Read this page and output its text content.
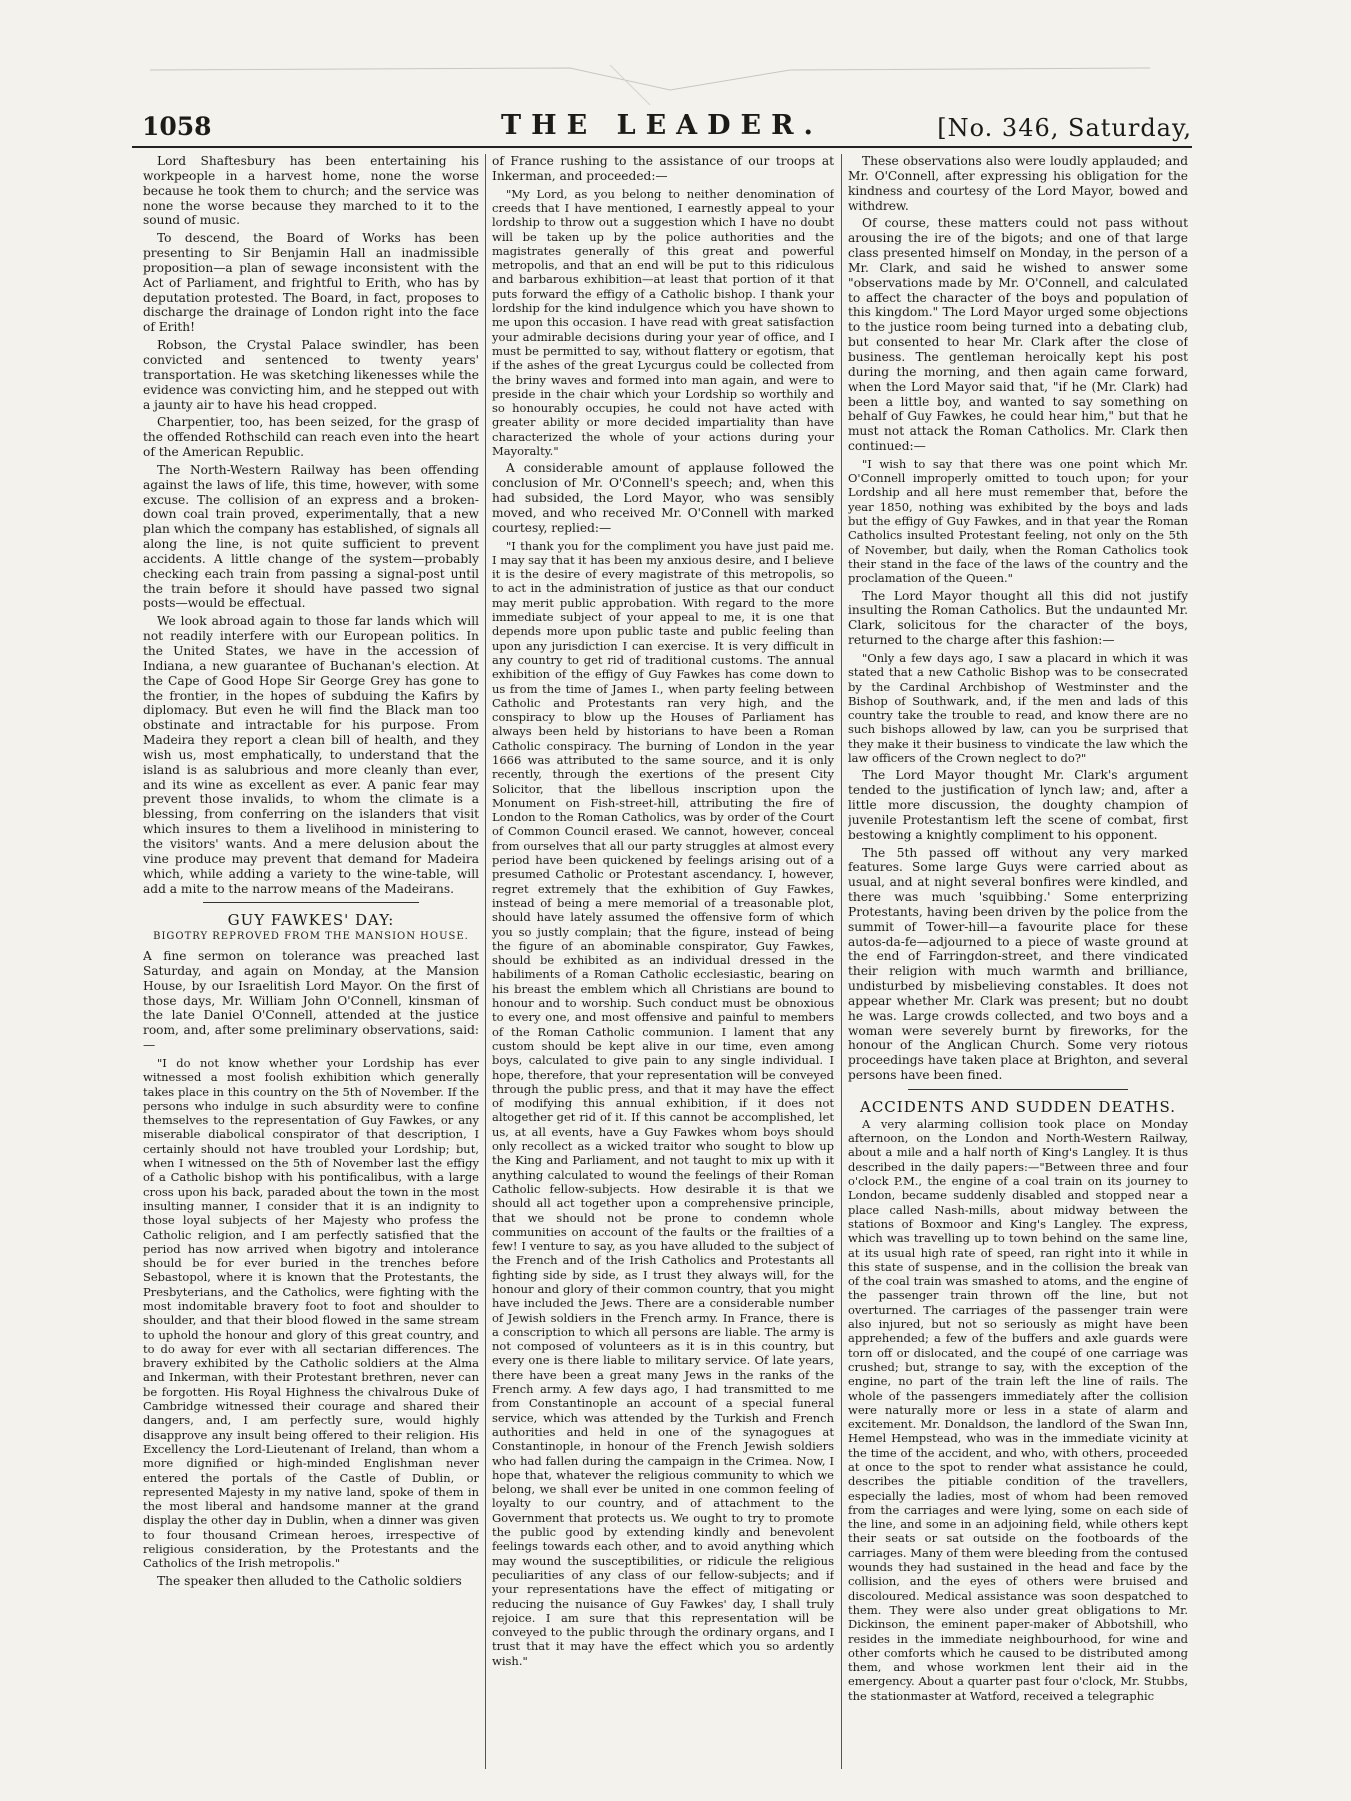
1058	THE LEADER.	[No. 346, Saturday,

Lord Shaftesbury has been entertaining his workpeople in a harvest home, none the worse because he took them to church; and the service was none the worse because they marched to it to the sound of music.

To descend, the Board of Works has been presenting to Sir Benjamin Hall an inadmissible proposition—a plan of sewage inconsistent with the Act of Parliament, and frightful to Erith, who has by deputation protested. The Board, in fact, proposes to discharge the drainage of London right into the face of Erith!

Robson, the Crystal Palace swindler, has been convicted and sentenced to twenty years' transportation. He was sketching likenesses while the evidence was convicting him, and he stepped out with a jaunty air to have his head cropped.

Charpentier, too, has been seized, for the grasp of the offended Rothschild can reach even into the heart of the American Republic.

The North-Western Railway has been offending against the laws of life, this time, however, with some excuse. The collision of an express and a broken-down coal train proved, experimentally, that a new plan which the company has established, of signals all along the line, is not quite sufficient to prevent accidents. A little change of the system—probably checking each train from passing a signal-post until the train before it should have passed two signal posts—would be effectual.

We look abroad again to those far lands which will not readily interfere with our European politics. In the United States, we have in the accession of Indiana, a new guarantee of Buchanan's election. At the Cape of Good Hope Sir George Grey has gone to the frontier, in the hopes of subduing the Kafirs by diplomacy. But even he will find the Black man too obstinate and intractable for his purpose. From Madeira they report a clean bill of health, and they wish us, most emphatically, to understand that the island is as salubrious and more cleanly than ever, and its wine as excellent as ever. A panic fear may prevent those invalids, to whom the climate is a blessing, from conferring on the islanders that visit which insures to them a livelihood in ministering to the visitors' wants. And a mere delusion about the vine produce may prevent that demand for Madeira which, while adding a variety to the wine-table, will add a mite to the narrow means of the Madeirans.

GUY FAWKES' DAY:
BIGOTRY REPROVED FROM THE MANSION HOUSE.

A fine sermon on tolerance was preached last Saturday, and again on Monday, at the Mansion House, by our Israelitish Lord Mayor. On the first of those days, Mr. William John O'Connell, kinsman of the late Daniel O'Connell, attended at the justice room, and, after some preliminary observations, said:—

"I do not know whether your Lordship has ever witnessed a most foolish exhibition which generally takes place in this country on the 5th of November. If the persons who indulge in such absurdity were to confine themselves to the representation of Guy Fawkes, or any miserable diabolical conspirator of that description, I certainly should not have troubled your Lordship; but, when I witnessed on the 5th of November last the effigy of a Catholic bishop with his pontificalibus, with a large cross upon his back, paraded about the town in the most insulting manner, I consider that it is an indignity to those loyal subjects of her Majesty who profess the Catholic religion, and I am perfectly satisfied that the period has now arrived when bigotry and intolerance should be for ever buried in the trenches before Sebastopol, where it is known that the Protestants, the Presbyterians, and the Catholics, were fighting with the most indomitable bravery foot to foot and shoulder to shoulder, and that their blood flowed in the same stream to uphold the honour and glory of this great country, and to do away for ever with all sectarian differences. The bravery exhibited by the Catholic soldiers at the Alma and Inkerman, with their Protestant brethren, never can be forgotten. His Royal Highness the chivalrous Duke of Cambridge witnessed their courage and shared their dangers, and, I am perfectly sure, would highly disapprove any insult being offered to their religion. His Excellency the Lord-Lieutenant of Ireland, than whom a more dignified or high-minded Englishman never entered the portals of the Castle of Dublin, or represented Majesty in my native land, spoke of them in the most liberal and handsome manner at the grand display the other day in Dublin, when a dinner was given to four thousand Crimean heroes, irrespective of religious consideration, by the Protestants and the Catholics of the Irish metropolis."

The speaker then alluded to the Catholic soldiers

of France rushing to the assistance of our troops at Inkerman, and proceeded:—

"My Lord, as you belong to neither denomination of creeds that I have mentioned, I earnestly appeal to your lordship to throw out a suggestion which I have no doubt will be taken up by the police authorities and the magistrates generally of this great and powerful metropolis, and that an end will be put to this ridiculous and barbarous exhibition—at least that portion of it that puts forward the effigy of a Catholic bishop. I thank your lordship for the kind indulgence which you have shown to me upon this occasion. I have read with great satisfaction your admirable decisions during your year of office, and I must be permitted to say, without flattery or egotism, that if the ashes of the great Lycurgus could be collected from the briny waves and formed into man again, and were to preside in the chair which your Lordship so worthily and so honourably occupies, he could not have acted with greater ability or more decided impartiality than have characterized the whole of your actions during your Mayoralty."

A considerable amount of applause followed the conclusion of Mr. O'Connell's speech; and, when this had subsided, the Lord Mayor, who was sensibly moved, and who received Mr. O'Connell with marked courtesy, replied:—

"I thank you for the compliment you have just paid me. I may say that it has been my anxious desire, and I believe it is the desire of every magistrate of this metropolis, so to act in the administration of justice as that our conduct may merit public approbation. With regard to the more immediate subject of your appeal to me, it is one that depends more upon public taste and public feeling than upon any jurisdiction I can exercise. It is very difficult in any country to get rid of traditional customs. The annual exhibition of the effigy of Guy Fawkes has come down to us from the time of James I., when party feeling between Catholic and Protestants ran very high, and the conspiracy to blow up the Houses of Parliament has always been held by historians to have been a Roman Catholic conspiracy. The burning of London in the year 1666 was attributed to the same source, and it is only recently, through the exertions of the present City Solicitor, that the libellous inscription upon the Monument on Fish-street-hill, attributing the fire of London to the Roman Catholics, was by order of the Court of Common Council erased. We cannot, however, conceal from ourselves that all our party struggles at almost every period have been quickened by feelings arising out of a presumed Catholic or Protestant ascendancy. I, however, regret extremely that the exhibition of Guy Fawkes, instead of being a mere memorial of a treasonable plot, should have lately assumed the offensive form of which you so justly complain; that the figure, instead of being the figure of an abominable conspirator, Guy Fawkes, should be exhibited as an individual dressed in the habiliments of a Roman Catholic ecclesiastic, bearing on his breast the emblem which all Christians are bound to honour and to worship. Such conduct must be obnoxious to every one, and most offensive and painful to members of the Roman Catholic communion. I lament that any custom should be kept alive in our time, even among boys, calculated to give pain to any single individual. I hope, therefore, that your representation will be conveyed through the public press, and that it may have the effect of modifying this annual exhibition, if it does not altogether get rid of it. If this cannot be accomplished, let us, at all events, have a Guy Fawkes whom boys should only recollect as a wicked traitor who sought to blow up the King and Parliament, and not taught to mix up with it anything calculated to wound the feelings of their Roman Catholic fellow-subjects. How desirable it is that we should all act together upon a comprehensive principle, that we should not be prone to condemn whole communities on account of the faults or the frailties of a few! I venture to say, as you have alluded to the subject of the French and of the Irish Catholics and Protestants all fighting side by side, as I trust they always will, for the honour and glory of their common country, that you might have included the Jews. There are a considerable number of Jewish soldiers in the French army. In France, there is a conscription to which all persons are liable. The army is not composed of volunteers as it is in this country, but every one is there liable to military service. Of late years, there have been a great many Jews in the ranks of the French army. A few days ago, I had transmitted to me from Constantinople an account of a special funeral service, which was attended by the Turkish and French authorities and held in one of the synagogues at Constantinople, in honour of the French Jewish soldiers who had fallen during the campaign in the Crimea. Now, I hope that, whatever the religious community to which we belong, we shall ever be united in one common feeling of loyalty to our country, and of attachment to the Government that protects us. We ought to try to promote the public good by extending kindly and benevolent feelings towards each other, and to avoid anything which may wound the susceptibilities, or ridicule the religious peculiarities of any class of our fellow-subjects; and if your representations have the effect of mitigating or reducing the nuisance of Guy Fawkes' day, I shall truly rejoice. I am sure that this representation will be conveyed to the public through the ordinary organs, and I trust that it may have the effect which you so ardently wish."

These observations also were loudly applauded; and Mr. O'Connell, after expressing his obligation for the kindness and courtesy of the Lord Mayor, bowed and withdrew.

Of course, these matters could not pass without arousing the ire of the bigots; and one of that large class presented himself on Monday, in the person of a Mr. Clark, and said he wished to answer some "observations made by Mr. O'Connell, and calculated to affect the character of the boys and population of this kingdom." The Lord Mayor urged some objections to the justice room being turned into a debating club, but consented to hear Mr. Clark after the close of business. The gentleman heroically kept his post during the morning, and then again came forward, when the Lord Mayor said that, "if he (Mr. Clark) had been a little boy, and wanted to say something on behalf of Guy Fawkes, he could hear him," but that he must not attack the Roman Catholics. Mr. Clark then continued:—

"I wish to say that there was one point which Mr. O'Connell improperly omitted to touch upon; for your Lordship and all here must remember that, before the year 1850, nothing was exhibited by the boys and lads but the effigy of Guy Fawkes, and in that year the Roman Catholics insulted Protestant feeling, not only on the 5th of November, but daily, when the Roman Catholics took their stand in the face of the laws of the country and the proclamation of the Queen."

The Lord Mayor thought all this did not justify insulting the Roman Catholics. But the undaunted Mr. Clark, solicitous for the character of the boys, returned to the charge after this fashion:—

"Only a few days ago, I saw a placard in which it was stated that a new Catholic Bishop was to be consecrated by the Cardinal Archbishop of Westminster and the Bishop of Southwark, and, if the men and lads of this country take the trouble to read, and know there are no such bishops allowed by law, can you be surprised that they make it their business to vindicate the law which the law officers of the Crown neglect to do?"

The Lord Mayor thought Mr. Clark's argument tended to the justification of lynch law; and, after a little more discussion, the doughty champion of juvenile Protestantism left the scene of combat, first bestowing a knightly compliment to his opponent.

The 5th passed off without any very marked features. Some large Guys were carried about as usual, and at night several bonfires were kindled, and there was much 'squibbing.' Some enterprizing Protestants, having been driven by the police from the summit of Tower-hill—a favourite place for these autos-da-fe—adjourned to a piece of waste ground at the end of Farringdon-street, and there vindicated their religion with much warmth and brilliance, undisturbed by misbelieving constables. It does not appear whether Mr. Clark was present; but no doubt he was. Large crowds collected, and two boys and a woman were severely burnt by fireworks, for the honour of the Anglican Church. Some very riotous proceedings have taken place at Brighton, and several persons have been fined.

ACCIDENTS AND SUDDEN DEATHS.

A very alarming collision took place on Monday afternoon, on the London and North-Western Railway, about a mile and a half north of King's Langley. It is thus described in the daily papers:—"Between three and four o'clock P.M., the engine of a coal train on its journey to London, became suddenly disabled and stopped near a place called Nash-mills, about midway between the stations of Boxmoor and King's Langley. The express, which was travelling up to town behind on the same line, at its usual high rate of speed, ran right into it while in this state of suspense, and in the collision the break van of the coal train was smashed to atoms, and the engine of the passenger train thrown off the line, but not overturned. The carriages of the passenger train were also injured, but not so seriously as might have been apprehended; a few of the buffers and axle guards were torn off or dislocated, and the coupé of one carriage was crushed; but, strange to say, with the exception of the engine, no part of the train left the line of rails. The whole of the passengers immediately after the collision were naturally more or less in a state of alarm and excitement. Mr. Donaldson, the landlord of the Swan Inn, Hemel Hempstead, who was in the immediate vicinity at the time of the accident, and who, with others, proceeded at once to the spot to render what assistance he could, describes the pitiable condition of the travellers, especially the ladies, most of whom had been removed from the carriages and were lying, some on each side of the line, and some in an adjoining field, while others kept their seats or sat outside on the footboards of the carriages. Many of them were bleeding from the contused wounds they had sustained in the head and face by the collision, and the eyes of others were bruised and discoloured. Medical assistance was soon despatched to them. They were also under great obligations to Mr. Dickinson, the eminent paper-maker of Abbotshill, who resides in the immediate neighbourhood, for wine and other comforts which he caused to be distributed among them, and whose workmen lent their aid in the emergency. About a quarter past four o'clock, Mr. Stubbs, the stationmaster at Watford, received a telegraphic
